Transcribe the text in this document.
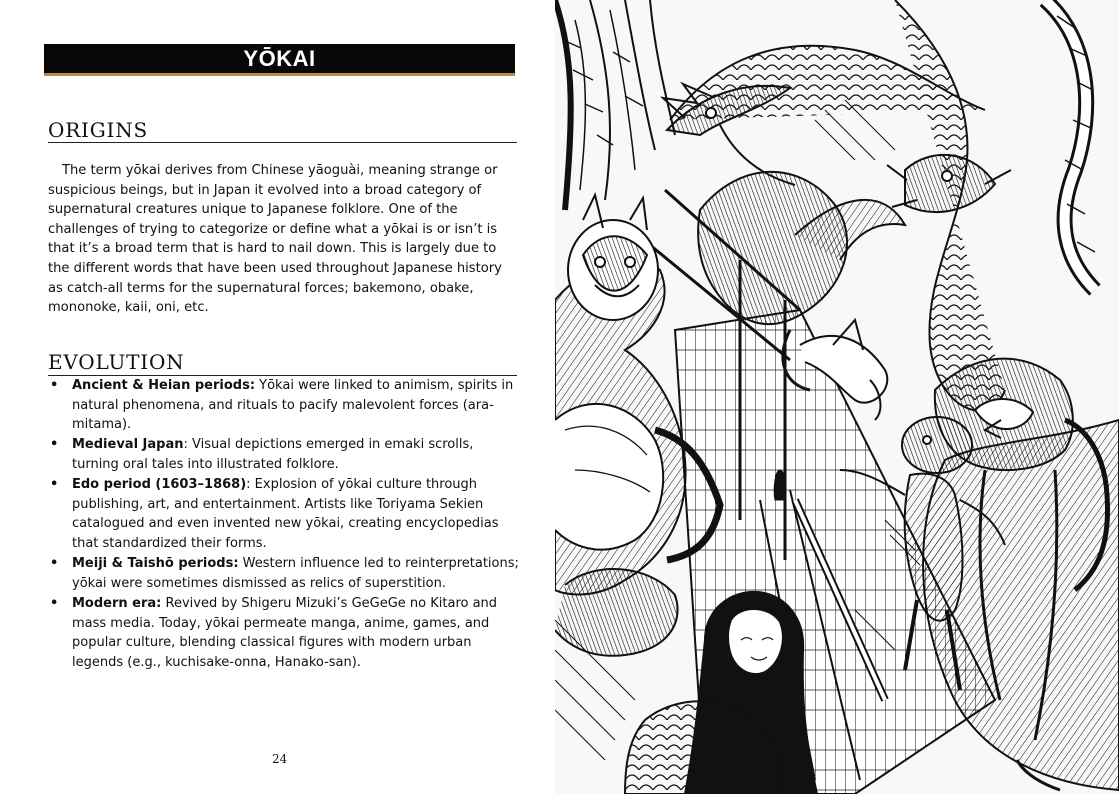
YŌKAI
ORIGINS

The term yōkai derives from Chinese yāoguài, meaning strange or suspicious beings, but in Japan it evolved into a broad category of supernatural creatures unique to Japanese folklore. One of the challenges of trying to categorize or define what a yōkai is or isn’t is that it’s a broad term that is hard to nail down. This is largely due to the different words that have been used throughout Japanese history as catch-all terms for the supernatural forces; bakemono, obake, mononoke, kaii, oni, etc.

EVOLUTION
• Ancient & Heian periods: Yōkai were linked to animism, spirits in natural phenomena, and rituals to pacify malevolent forces (ara-mitama).
• Medieval Japan: Visual depictions emerged in emaki scrolls, turning oral tales into illustrated folklore.
• Edo period (1603–1868): Explosion of yōkai culture through publishing, art, and entertainment. Artists like Toriyama Sekien catalogued and even invented new yōkai, creating encyclopedias that standardized their forms.
• Meiji & Taishō periods: Western influence led to reinterpretations; yōkai were sometimes dismissed as relics of superstition.
• Modern era: Revived by Shigeru Mizuki’s GeGeGe no Kitaro and mass media. Today, yōkai permeate manga, anime, games, and popular culture, blending classical figures with modern urban legends (e.g., kuchisake-onna, Hanako-san).
24
